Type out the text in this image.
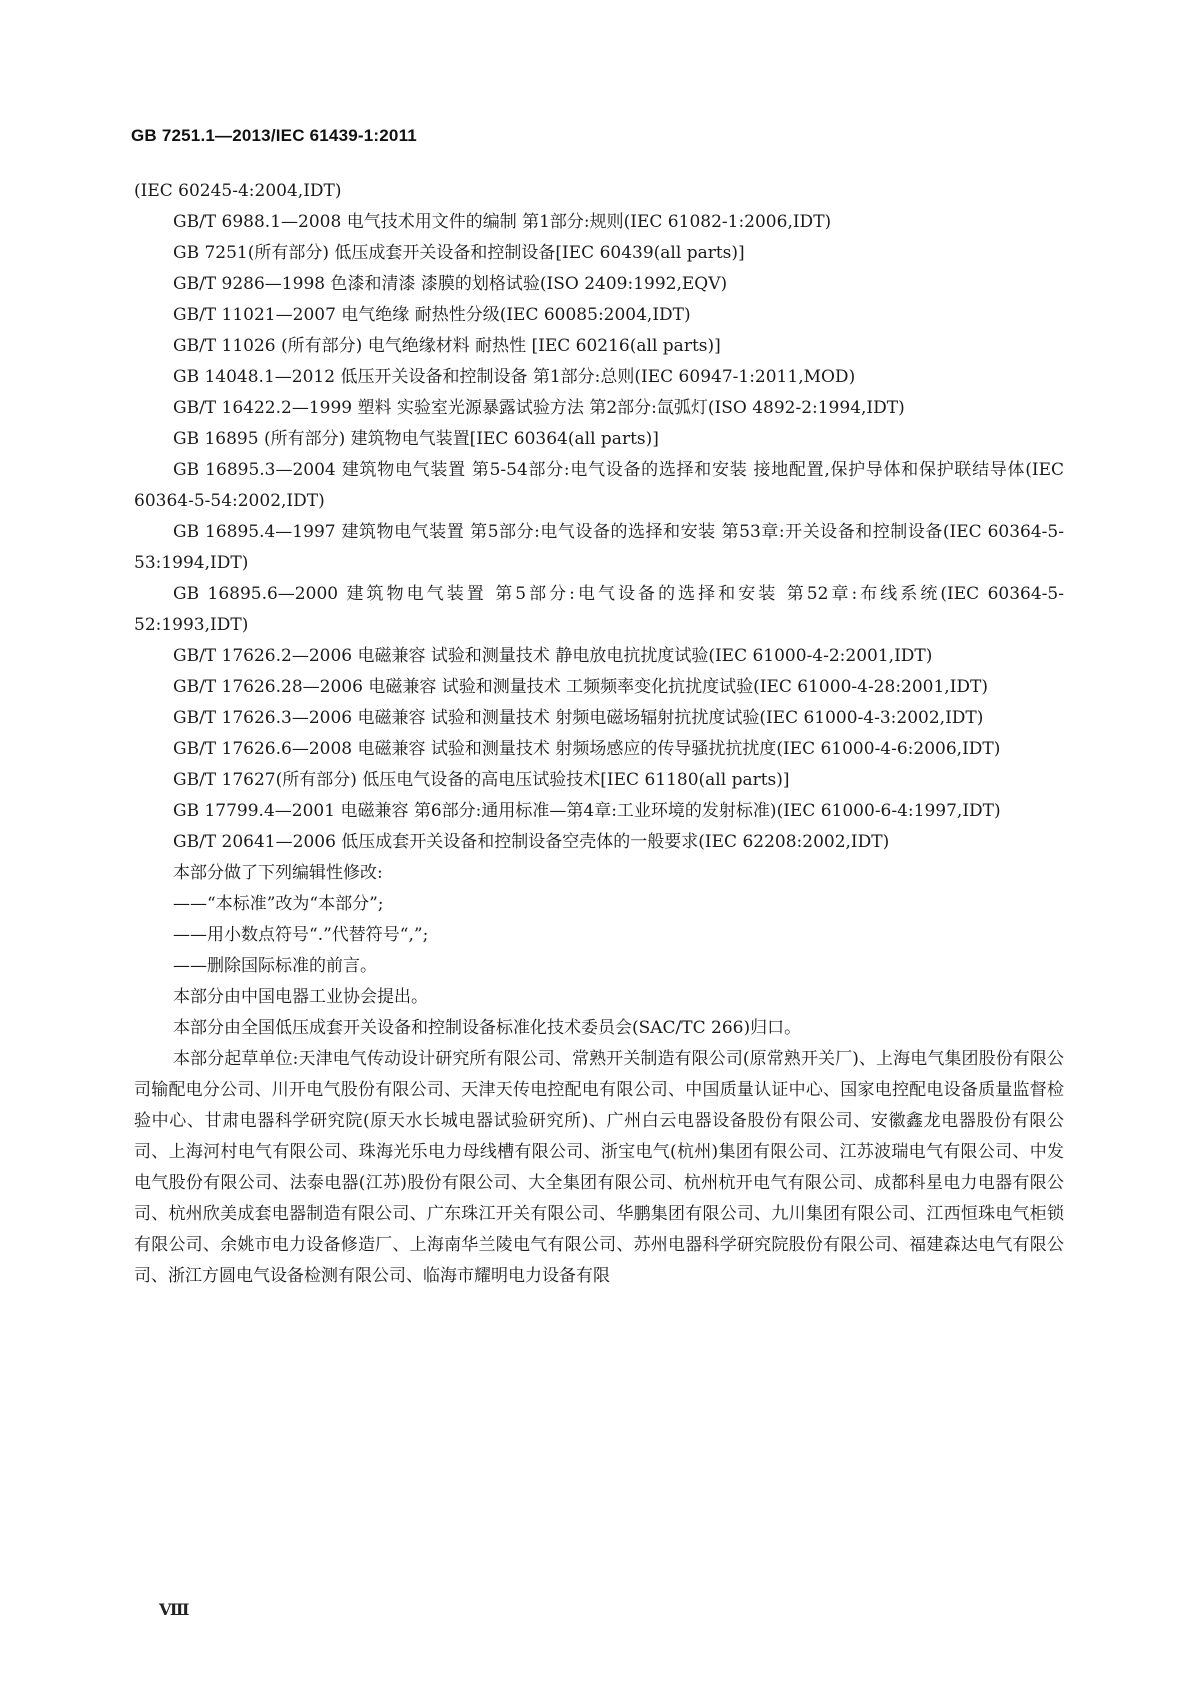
GB 7251.1—2013/IEC 61439-1:2011

(IEC 60245-4:2004,IDT)

GB/T 6988.1—2008 电气技术用文件的编制 第1部分:规则(IEC 61082-1:2006,IDT)

GB 7251(所有部分) 低压成套开关设备和控制设备[IEC 60439(all parts)]

GB/T 9286—1998 色漆和清漆 漆膜的划格试验(ISO 2409:1992,EQV)

GB/T 11021—2007 电气绝缘 耐热性分级(IEC 60085:2004,IDT)

GB/T 11026 (所有部分) 电气绝缘材料 耐热性 [IEC 60216(all parts)]

GB 14048.1—2012 低压开关设备和控制设备 第1部分:总则(IEC 60947-1:2011,MOD)

GB/T 16422.2—1999 塑料 实验室光源暴露试验方法 第2部分:氙弧灯(ISO 4892-2:1994,IDT)

GB 16895 (所有部分) 建筑物电气装置[IEC 60364(all parts)]

GB 16895.3—2004 建筑物电气装置 第5-54部分:电气设备的选择和安装 接地配置,保护导体和保护联结导体(IEC 60364-5-54:2002,IDT)

GB 16895.4—1997 建筑物电气装置 第5部分:电气设备的选择和安装 第53章:开关设备和控制设备(IEC 60364-5-53:1994,IDT)

GB 16895.6—2000 建筑物电气装置 第5部分:电气设备的选择和安装 第52章:布线系统(IEC 60364-5-52:1993,IDT)

GB/T 17626.2—2006 电磁兼容 试验和测量技术 静电放电抗扰度试验(IEC 61000-4-2:2001,IDT)

GB/T 17626.28—2006 电磁兼容 试验和测量技术 工频频率变化抗扰度试验(IEC 61000-4-28:2001,IDT)

GB/T 17626.3—2006 电磁兼容 试验和测量技术 射频电磁场辐射抗扰度试验(IEC 61000-4-3:2002,IDT)

GB/T 17626.6—2008 电磁兼容 试验和测量技术 射频场感应的传导骚扰抗扰度(IEC 61000-4-6:2006,IDT)

GB/T 17627(所有部分) 低压电气设备的高电压试验技术[IEC 61180(all parts)]

GB 17799.4—2001 电磁兼容 第6部分:通用标准—第4章:工业环境的发射标准)(IEC 61000-6-4:1997,IDT)

GB/T 20641—2006 低压成套开关设备和控制设备空壳体的一般要求(IEC 62208:2002,IDT)

本部分做了下列编辑性修改:

——“本标准”改为“本部分”;

——用小数点符号“.”代替符号“,”;

——删除国际标准的前言。

本部分由中国电器工业协会提出。

本部分由全国低压成套开关设备和控制设备标准化技术委员会(SAC/TC 266)归口。

本部分起草单位:天津电气传动设计研究所有限公司、常熟开关制造有限公司(原常熟开关厂)、上海电气集团股份有限公司输配电分公司、川开电气股份有限公司、天津天传电控配电有限公司、中国质量认证中心、国家电控配电设备质量监督检验中心、甘肃电器科学研究院(原天水长城电器试验研究所)、广州白云电器设备股份有限公司、安徽鑫龙电器股份有限公司、上海河村电气有限公司、珠海光乐电力母线槽有限公司、浙宝电气(杭州)集团有限公司、江苏波瑞电气有限公司、中发电气股份有限公司、法泰电器(江苏)股份有限公司、大全集团有限公司、杭州杭开电气有限公司、成都科星电力电器有限公司、杭州欣美成套电器制造有限公司、广东珠江开关有限公司、华鹏集团有限公司、九川集团有限公司、江西恒珠电气柜锁有限公司、余姚市电力设备修造厂、上海南华兰陵电气有限公司、苏州电器科学研究院股份有限公司、福建森达电气有限公司、浙江方圆电气设备检测有限公司、临海市耀明电力设备有限

Ⅷ
